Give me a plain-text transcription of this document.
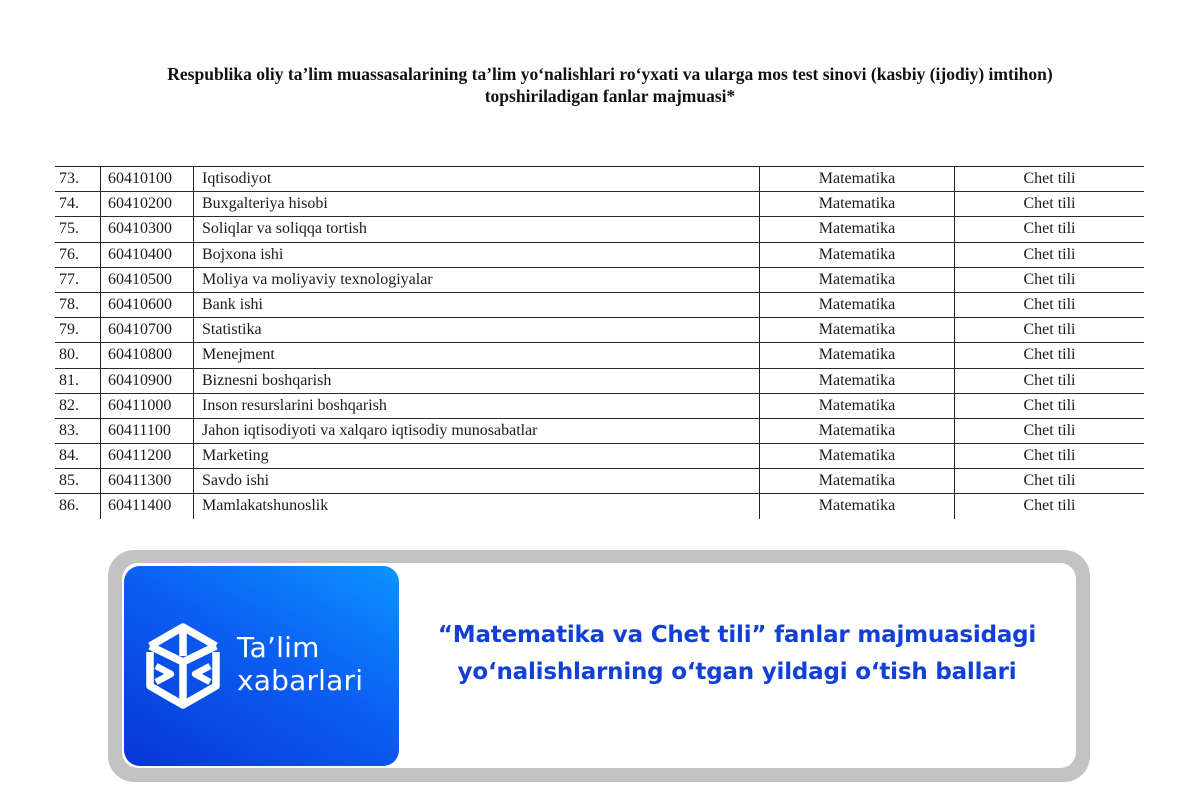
Respublika oliy ta’lim muassasalarining ta’lim yo‘nalishlari ro‘yxati va ularga mos test sinovi (kasbiy (ijodiy) imtihon)
topshiriladigan fanlar majmuasi*
73.	60410100	Iqtisodiyot	Matematika	Chet tili
74.	60410200	Buxgalteriya hisobi	Matematika	Chet tili
75.	60410300	Soliqlar va soliqqa tortish	Matematika	Chet tili
76.	60410400	Bojxona ishi	Matematika	Chet tili
77.	60410500	Moliya va moliyaviy texnologiyalar	Matematika	Chet tili
78.	60410600	Bank ishi	Matematika	Chet tili
79.	60410700	Statistika	Matematika	Chet tili
80.	60410800	Menejment	Matematika	Chet tili
81.	60410900	Biznesni boshqarish	Matematika	Chet tili
82.	60411000	Inson resurslarini boshqarish	Matematika	Chet tili
83.	60411100	Jahon iqtisodiyoti va xalqaro iqtisodiy munosabatlar	Matematika	Chet tili
84.	60411200	Marketing	Matematika	Chet tili
85.	60411300	Savdo ishi	Matematika	Chet tili
86.	60411400	Mamlakatshunoslik	Matematika	Chet tili
Ta’lim
xabarlari
“Matematika va Chet tili” fanlar majmuasidagi
yo‘nalishlarning o‘tgan yildagi o‘tish ballari
